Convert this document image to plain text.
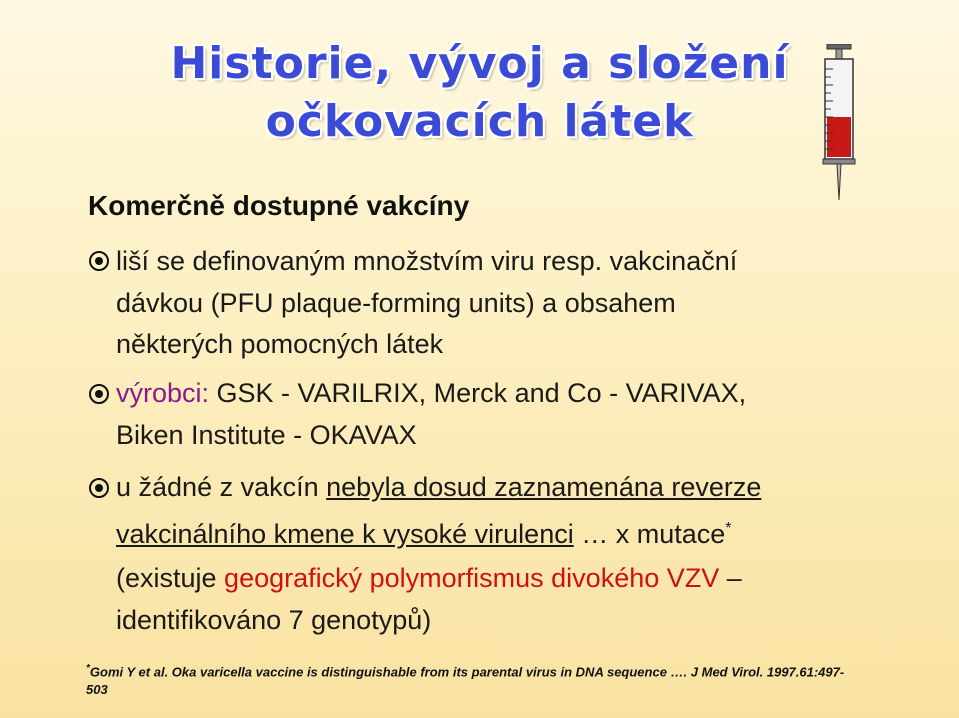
Historie, vývoj a složení
očkovacích látek
Komerčně dostupné vakcíny
liší se definovaným množstvím viru resp. vakcinační
dávkou (PFU plaque-forming units) a obsahem
některých pomocných látek
výrobci: GSK - VARILRIX, Merck and Co - VARIVAX,
Biken Institute - OKAVAX
u žádné z vakcín nebyla dosud zaznamenána reverze
vakcinálního kmene k vysoké virulenci … x mutace*
(existuje geografický polymorfismus divokého VZV –
identifikováno 7 genotypů)
*Gomi Y et al. Oka varicella vaccine is distinguishable from its parental virus in DNA sequence …. J Med Virol. 1997.61:497-
503
